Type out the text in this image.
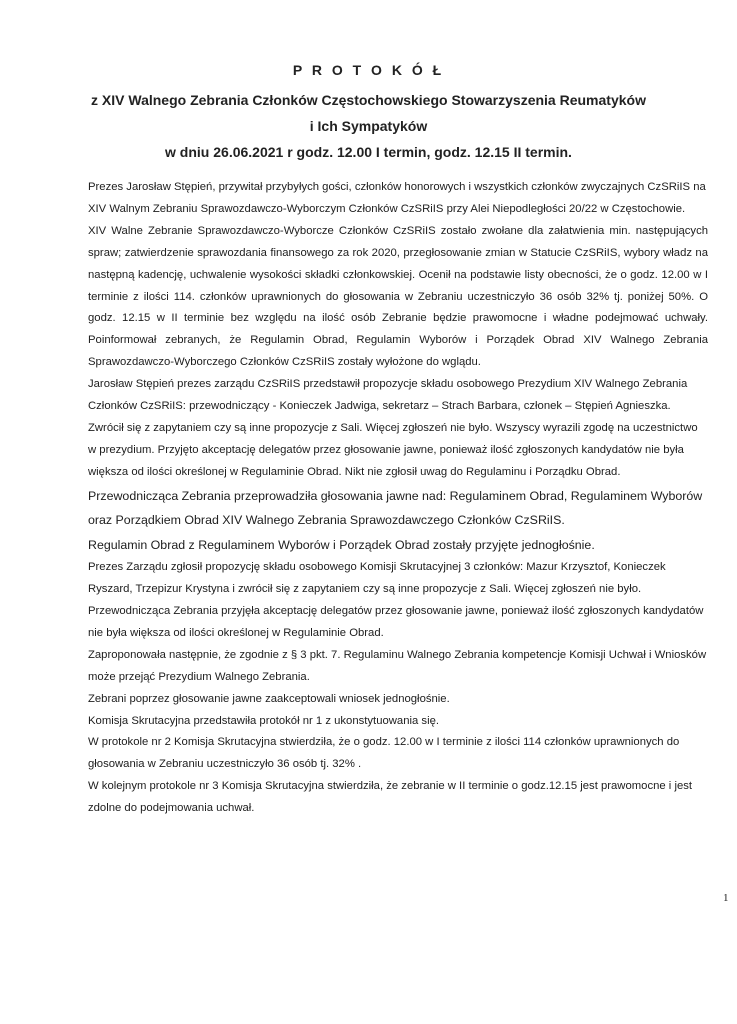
P R O T O K Ó Ł
z XIV Walnego Zebrania Członków Częstochowskiego Stowarzyszenia Reumatyków
i Ich Sympatyków
w dniu 26.06.2021 r godz. 12.00 I termin, godz. 12.15 II termin.

Prezes Jarosław Stępień, przywitał przybyłych gości, członków honorowych i wszystkich członków zwyczajnych CzSRiIS na XIV Walnym Zebraniu Sprawozdawczo-Wyborczym Członków CzSRiIS przy Alei Niepodległości 20/22 w Częstochowie.

XIV Walne Zebranie Sprawozdawczo-Wyborcze Członków CzSRiIS zostało zwołane dla załatwienia min. następujących spraw; zatwierdzenie sprawozdania finansowego za rok 2020, przegłosowanie zmian w Statucie CzSRiIS, wybory władz na następną kadencję, uchwalenie wysokości składki członkowskiej. Ocenił na podstawie listy obecności, że o godz. 12.00 w I terminie z ilości 114. członków uprawnionych do głosowania w Zebraniu uczestniczyło 36 osób 32% tj. poniżej 50%. O godz. 12.15 w II terminie bez względu na ilość osób Zebranie będzie prawomocne i władne podejmować uchwały. Poinformował zebranych, że Regulamin Obrad, Regulamin Wyborów i Porządek Obrad XIV Walnego Zebrania Sprawozdawczo-Wyborczego Członków CzSRiIS zostały wyłożone do wglądu.

Jarosław Stępień prezes zarządu CzSRiIS przedstawił propozycje składu osobowego Prezydium XIV Walnego Zebrania Członków CzSRiIS: przewodniczący - Konieczek Jadwiga, sekretarz – Strach Barbara, członek – Stępień Agnieszka. Zwrócił się z zapytaniem czy są inne propozycje z Sali. Więcej zgłoszeń nie było. Wszyscy wyrazili zgodę na uczestnictwo w prezydium. Przyjęto akceptację delegatów przez głosowanie jawne, ponieważ ilość zgłoszonych kandydatów nie była większa od ilości określonej w Regulaminie Obrad. Nikt nie zgłosił uwag do Regulaminu i Porządku Obrad.

Przewodnicząca Zebrania przeprowadziła głosowania jawne nad: Regulaminem Obrad, Regulaminem Wyborów oraz Porządkiem Obrad XIV Walnego Zebrania Sprawozdawczego Członków CzSRiIS.

Regulamin Obrad z Regulaminem Wyborów i Porządek Obrad zostały przyjęte jednogłośnie.

Prezes Zarządu zgłosił propozycję składu osobowego Komisji Skrutacyjnej 3 członków: Mazur Krzysztof, Konieczek Ryszard, Trzepizur Krystyna i zwrócił się z zapytaniem czy są inne propozycje z Sali. Więcej zgłoszeń nie było.

Przewodnicząca Zebrania przyjęła akceptację delegatów przez głosowanie jawne, ponieważ ilość zgłoszonych kandydatów nie była większa od ilości określonej w Regulaminie Obrad.

Zaproponowała następnie, że zgodnie z § 3 pkt. 7. Regulaminu Walnego Zebrania kompetencje Komisji Uchwał i Wniosków może przejąć Prezydium Walnego Zebrania.

Zebrani poprzez głosowanie jawne zaakceptowali wniosek jednogłośnie.

Komisja Skrutacyjna przedstawiła protokół nr 1 z ukonstytuowania się.

W protokole nr 2 Komisja Skrutacyjna stwierdziła, że o godz. 12.00 w I terminie z ilości 114 członków uprawnionych do głosowania w Zebraniu uczestniczyło 36 osób tj. 32% .

W kolejnym protokole nr 3 Komisja Skrutacyjna stwierdziła, że zebranie w II terminie o godz.12.15 jest prawomocne i jest zdolne do podejmowania uchwał.

1
